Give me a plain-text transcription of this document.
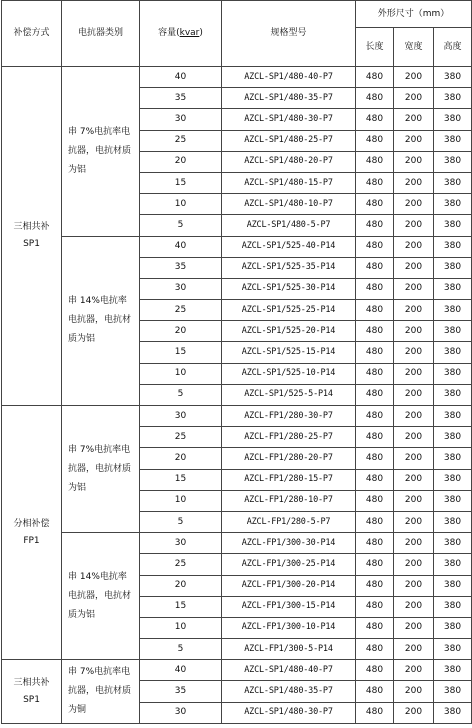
补偿方式	电抗器类别	容量(kvar)	规格型号	外形尺寸（mm）		
				长度	宽度	高度
三相共补 SP1	串 7%电抗率电抗器，电抗材质为铝	40	AZCL-SP1/480-40-P7	480	200	380
		35	AZCL-SP1/480-35-P7	480	200	380
		30	AZCL-SP1/480-30-P7	480	200	380
		25	AZCL-SP1/480-25-P7	480	200	380
		20	AZCL-SP1/480-20-P7	480	200	380
		15	AZCL-SP1/480-15-P7	480	200	380
		10	AZCL-SP1/480-10-P7	480	200	380
		5	AZCL-SP1/480-5-P7	480	200	380
	串 14%电抗率电抗器，电抗材质为铝	40	AZCL-SP1/525-40-P14	480	200	380
		35	AZCL-SP1/525-35-P14	480	200	380
		30	AZCL-SP1/525-30-P14	480	200	380
		25	AZCL-SP1/525-25-P14	480	200	380
		20	AZCL-SP1/525-20-P14	480	200	380
		15	AZCL-SP1/525-15-P14	480	200	380
		10	AZCL-SP1/525-10-P14	480	200	380
		5	AZCL-SP1/525-5-P14	480	200	380
分相补偿 FP1	串 7%电抗率电抗器，电抗材质为铝	30	AZCL-FP1/280-30-P7	480	200	380
		25	AZCL-FP1/280-25-P7	480	200	380
		20	AZCL-FP1/280-20-P7	480	200	380
		15	AZCL-FP1/280-15-P7	480	200	380
		10	AZCL-FP1/280-10-P7	480	200	380
		5	AZCL-FP1/280-5-P7	480	200	380
	串 14%电抗率电抗器，电抗材质为铝	30	AZCL-FP1/300-30-P14	480	200	380
		25	AZCL-FP1/300-25-P14	480	200	380
		20	AZCL-FP1/300-20-P14	480	200	380
		15	AZCL-FP1/300-15-P14	480	200	380
		10	AZCL-FP1/300-10-P14	480	200	380
		5	AZCL-FP1/300-5-P14	480	200	380
三相共补 SP1	串 7%电抗率电抗器，电抗材质为铜	40	AZCL-SP1/480-40-P7	480	200	380
		35	AZCL-SP1/480-35-P7	480	200	380
		30	AZCL-SP1/480-30-P7	480	200	380
